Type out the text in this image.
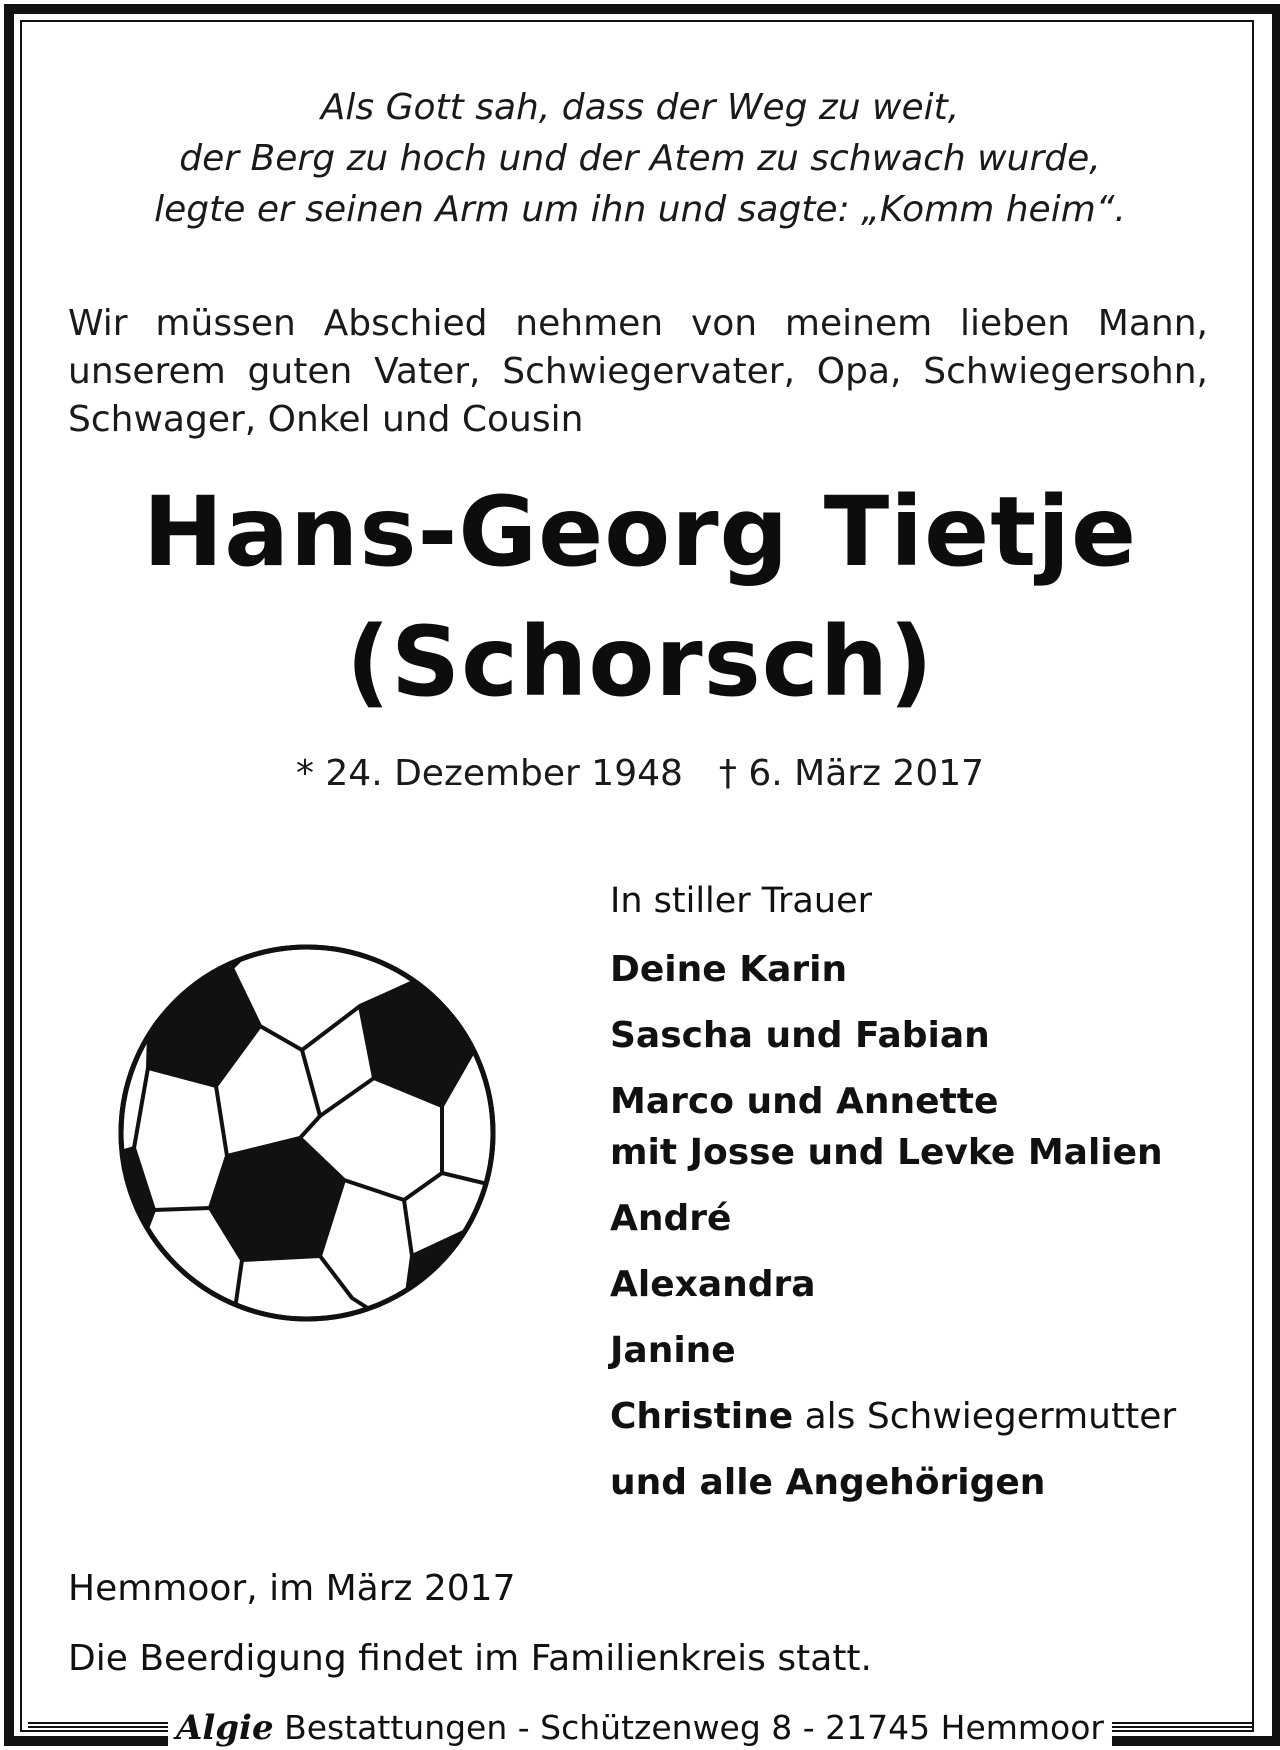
Als Gott sah, dass der Weg zu weit,
der Berg zu hoch und der Atem zu schwach wurde,
legte er seinen Arm um ihn und sagte: „Komm heim“.
Wir müssen Abschied nehmen von meinem lieben Mann,
unserem guten Vater, Schwiegervater, Opa, Schwiegersohn,
Schwager, Onkel und Cousin
Hans-Georg Tietje
(Schorsch)
* 24. Dezember 1948 † 6. März 2017
In stiller Trauer
Deine Karin
Sascha und Fabian
Marco und Annette
mit Josse und Levke Malien
André
Alexandra
Janine
Christine als Schwiegermutter
und alle Angehörigen
Hemmoor, im März 2017
Die Beerdigung findet im Familienkreis statt.
Algie Bestattungen - Schützenweg 8 - 21745 Hemmoor
